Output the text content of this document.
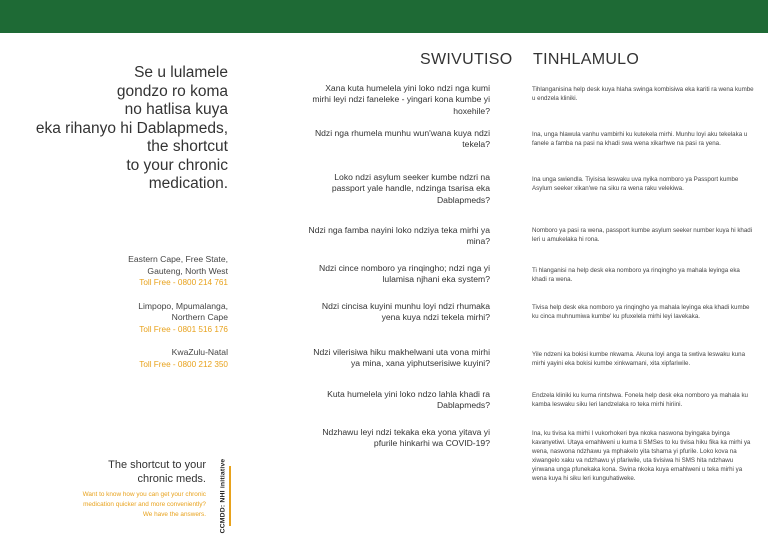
Se u lulamele
gondzo ro koma
no hatlisa kuya
eka rihanyo hi Dablapmeds,
the shortcut
to your chronic
medication.
Eastern Cape, Free State,
Gauteng, North West
Toll Free - 0800 214 761
Limpopo, Mpumalanga,
Northern Cape
Toll Free - 0801 516 176
KwaZulu-Natal
Toll Free - 0800 212 350
The shortcut to your
chronic meds.
Want to know how you can get your chronic
medication quicker and more conveniently?
We have the answers. CCMDD: NHI initiative
SWIVUTISO TINHLAMULO
Xana kuta humelela yini loko ndzi nga kumi mirhi leyi ndzi faneleke - yingari kona kumbe yi hoxehile?
Tihlanganisina help desk kuya hlaha swinga kombisiwa eka kariti ra wena kumbe u endzela kliniki.
Ndzi nga rhumela munhu wun'wana kuya ndzi tekela?
Ina, unga hlawula vanhu vambirhi ku kutekela mirhi. Munhu loyi aku tekelaka u fanele a famba na pasi na khadi swa wena xikarhwe na pasi ra yena.
Loko ndzi asylum seeker kumbe ndzri na passport yale handle, ndzinga tsarisa eka Dablapmeds?
Ina unga swiendla. Tiyisisa leswaku uva nyika nomboro ya Passport kumbe Asylum seeker xikan'we na siku ra wena raku velekiwa.
Ndzi nga famba nayini loko ndziya teka mirhi ya mina?
Nomboro ya pasi ra wena, passport kumbe asylum seeker number kuya hi khadi leri u amukelaka hi rona.
Ndzi cince nomboro ya rinqingho; ndzi nga yi lulamisa njhani eka system?
Ti hlanganisi na help desk eka nomboro ya rinqingho ya mahala leyinga eka khadi ra wena.
Ndzi cincisa kuyini munhu loyi ndzi rhumaka yena kuya ndzi tekela mirhi?
Tivisa help desk eka nomboro ya rinqingho ya mahala leyinga eka khadi kumbe ku cinca muhnumiwa kumbe' ku pfuxelela mirhi leyi lavekaka.
Ndzi vilerisiwa hiku makhelwani uta vona mirhi ya mina, xana yiphutserisiwe kuyini?
Yile ndzeni ka bokisi kumbe nkwama. Akuna loyi anga ta swtiva leswaku kuna mirhi yayini eka bokisi kumbe xinkwamani, xita xipfariwile.
Kuta humelela yini loko ndzo lahla khadi ra Dablapmeds?
Endzela kliniki ku kuma rintshwa. Fonela help desk eka nomboro ya mahala ku kamba leswaku siku leri landzelaka ro teka mirhi hiriini.
Ndzhawu leyi ndzi tekaka eka yona yitava yi pfurile hinkarhi wa COVID-19?
Ina, ku tivisa ka mirhi I vukorhokeri bya nkoka naswona byingaka byinga kavanyetiwi. Utaya emahlweni u kuma ti SMSes to ku tivisa hiku fika ka mirhi ya wena, naswona ndzhawu ya mphakelo yita tshama yi pfurile. Loko kova na xiwangelo xaku va ndzhawu yi pfariwile, uta tivisiwa hi SMS hita ndzhawu yinwana unga pfunekaka kona. Swina nkoka kuya emahlweni u teka mirhi ya wena kuya hi siku leri kunguhatiweke.
